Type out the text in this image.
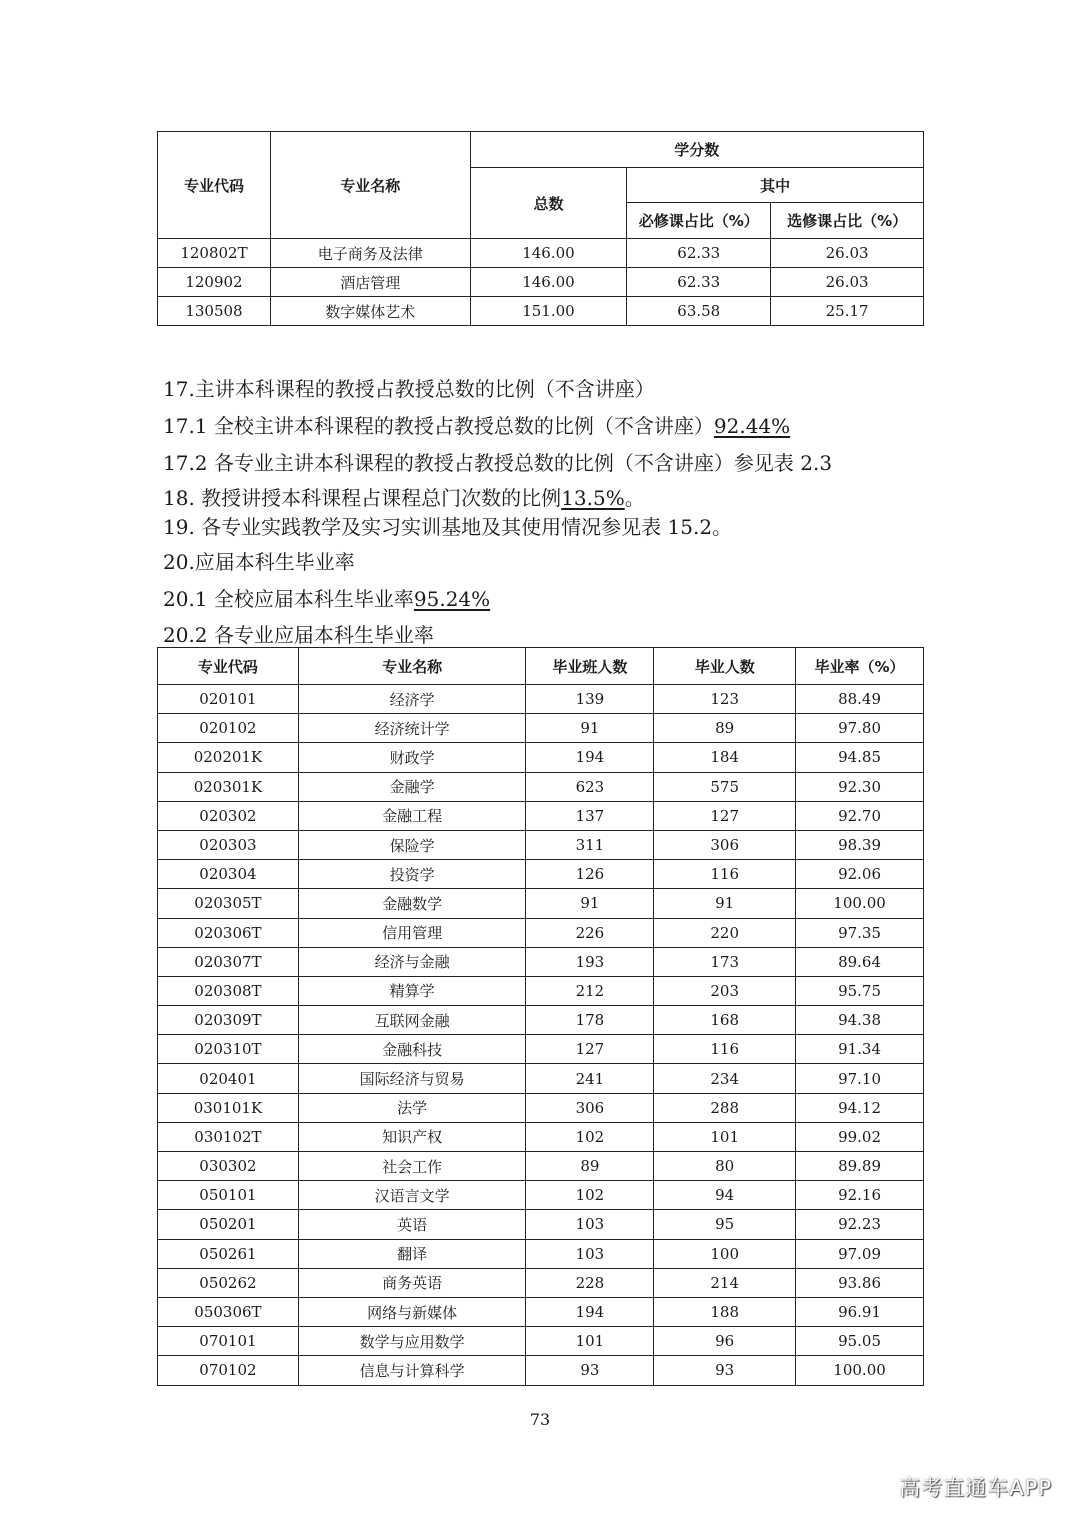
专业代码	专业名称	学分数		
		总数	其中	
			必修课占比（%）	选修课占比（%）
120802T	电子商务及法律	146.00	62.33	26.03
120902	酒店管理	146.00	62.33	26.03
130508	数字媒体艺术	151.00	63.58	25.17
17.主讲本科课程的教授占教授总数的比例（不含讲座）
17.1 全校主讲本科课程的教授占教授总数的比例（不含讲座）92.44%
17.2 各专业主讲本科课程的教授占教授总数的比例（不含讲座）参见表 2.3
18. 教授讲授本科课程占课程总门次数的比例13.5%。
19. 各专业实践教学及实习实训基地及其使用情况参见表 15.2。
20.应届本科生毕业率
20.1 全校应届本科生毕业率95.24%
20.2 各专业应届本科生毕业率
专业代码	专业名称	毕业班人数	毕业人数	毕业率（%）
020101	经济学	139	123	88.49
020102	经济统计学	91	89	97.80
020201K	财政学	194	184	94.85
020301K	金融学	623	575	92.30
020302	金融工程	137	127	92.70
020303	保险学	311	306	98.39
020304	投资学	126	116	92.06
020305T	金融数学	91	91	100.00
020306T	信用管理	226	220	97.35
020307T	经济与金融	193	173	89.64
020308T	精算学	212	203	95.75
020309T	互联网金融	178	168	94.38
020310T	金融科技	127	116	91.34
020401	国际经济与贸易	241	234	97.10
030101K	法学	306	288	94.12
030102T	知识产权	102	101	99.02
030302	社会工作	89	80	89.89
050101	汉语言文学	102	94	92.16
050201	英语	103	95	92.23
050261	翻译	103	100	97.09
050262	商务英语	228	214	93.86
050306T	网络与新媒体	194	188	96.91
070101	数学与应用数学	101	96	95.05
070102	信息与计算科学	93	93	100.00
73
高考直通车APP
